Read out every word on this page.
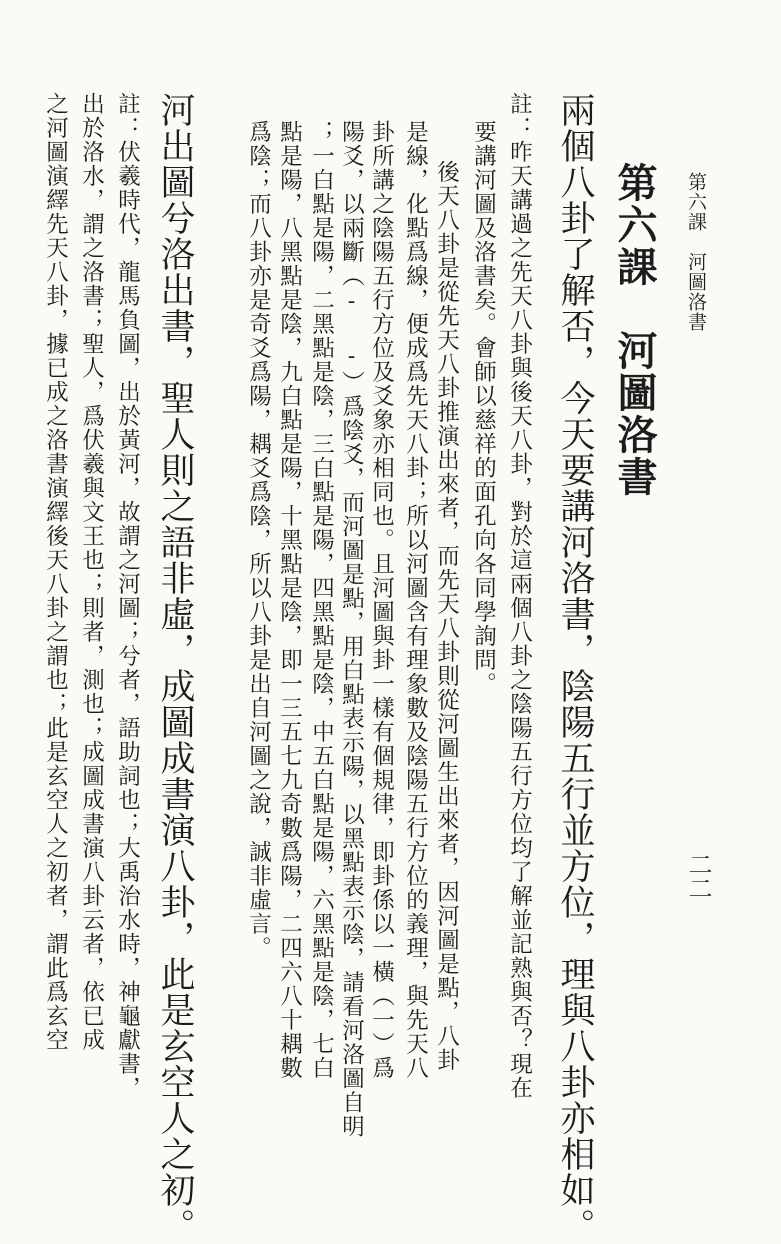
第六課　河圖洛書
二二
第六課　河圖洛書
兩個八卦了解否，今天要講河洛書，陰陽五行並方位，理與八卦亦相如。
註：昨天講過之先天八卦與後天八卦，對於這兩個八卦之陰陽五行方位均了解並記熟與否？現在
要講河圖及洛書矣。會師以慈祥的面孔向各同學詢問。
後天八卦是從先天八卦推演出來者，而先天八卦則從河圖生出來者，因河圖是點，八卦
是線，化點爲線，便成爲先天八卦；所以河圖含有理象數及陰陽五行方位的義理，與先天八
卦所講之陰陽五行方位及爻象亦相同也。且河圖與卦一樣有個規律，即卦係以一橫（一）爲
陽爻，以兩斷（- -）爲陰爻，而河圖是點，用白點表示陽，以黑點表示陰，請看河洛圖自明
；一白點是陽，二黑點是陰，三白點是陽，四黑點是陰，中五白點是陽，六黑點是陰，七白
點是陽，八黑點是陰，九白點是陽，十黑點是陰，即一三五七九奇數爲陽，二四六八十耦數
爲陰；而八卦亦是奇爻爲陽，耦爻爲陰，所以八卦是出自河圖之說，誠非虛言。
河出圖兮洛出書，聖人則之語非虛，成圖成書演八卦，此是玄空人之初。
註：伏羲時代，龍馬負圖，出於黃河，故謂之河圖；兮者，語助詞也；大禹治水時，神龜獻書，
出於洛水，謂之洛書；聖人，爲伏羲與文王也；則者，測也；成圖成書演八卦云者，依已成
之河圖演繹先天八卦，據已成之洛書演繹後天八卦之謂也；此是玄空人之初者，謂此爲玄空
